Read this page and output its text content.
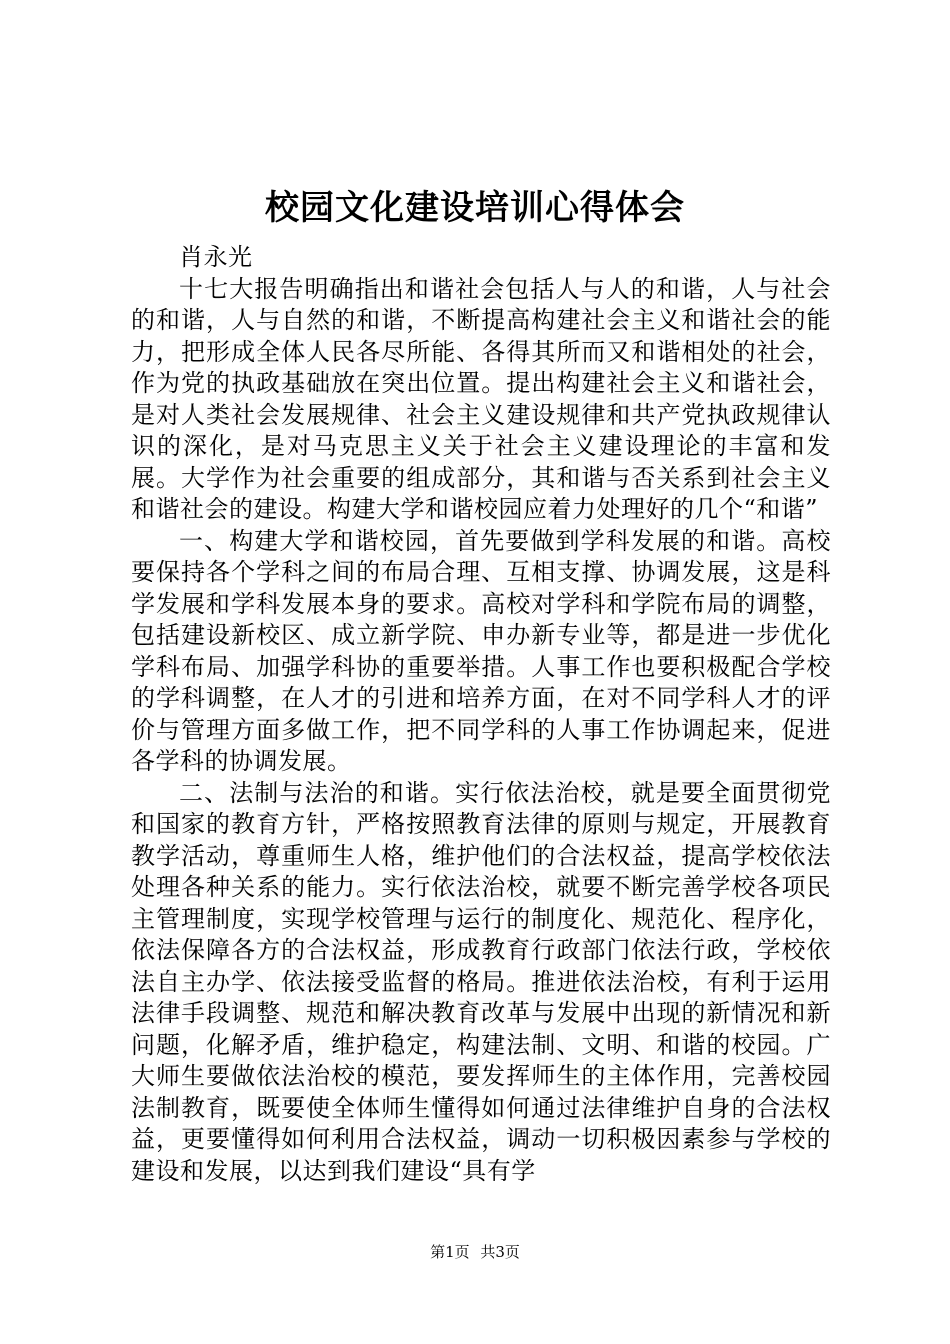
校园文化建设培训心得体会

肖永光

十七大报告明确指出和谐社会包括人与人的和谐，人与社会的和谐，人与自然的和谐，不断提高构建社会主义和谐社会的能力，把形成全体人民各尽所能、各得其所而又和谐相处的社会，作为党的执政基础放在突出位置。提出构建社会主义和谐社会，是对人类社会发展规律、社会主义建设规律和共产党执政规律认识的深化，是对马克思主义关于社会主义建设理论的丰富和发展。大学作为社会重要的组成部分，其和谐与否关系到社会主义和谐社会的建设。构建大学和谐校园应着力处理好的几个“和谐”

一、构建大学和谐校园，首先要做到学科发展的和谐。高校要保持各个学科之间的布局合理、互相支撑、协调发展，这是科学发展和学科发展本身的要求。高校对学科和学院布局的调整，包括建设新校区、成立新学院、申办新专业等，都是进一步优化学科布局、加强学科协的重要举措。人事工作也要积极配合学校的学科调整，在人才的引进和培养方面，在对不同学科人才的评价与管理方面多做工作，把不同学科的人事工作协调起来，促进各学科的协调发展。

二、法制与法治的和谐。实行依法治校，就是要全面贯彻党和国家的教育方针，严格按照教育法律的原则与规定，开展教育教学活动，尊重师生人格，维护他们的合法权益，提高学校依法处理各种关系的能力。实行依法治校，就要不断完善学校各项民主管理制度，实现学校管理与运行的制度化、规范化、程序化，依法保障各方的合法权益，形成教育行政部门依法行政，学校依法自主办学、依法接受监督的格局。推进依法治校，有利于运用法律手段调整、规范和解决教育改革与发展中出现的新情况和新问题，化解矛盾，维护稳定，构建法制、文明、和谐的校园。广大师生要做依法治校的模范，要发挥师生的主体作用，完善校园法制教育，既要使全体师生懂得如何通过法律维护自身的合法权益，更要懂得如何利用合法权益，调动一切积极因素参与学校的建设和发展，以达到我们建设“具有学

第1页 共3页
